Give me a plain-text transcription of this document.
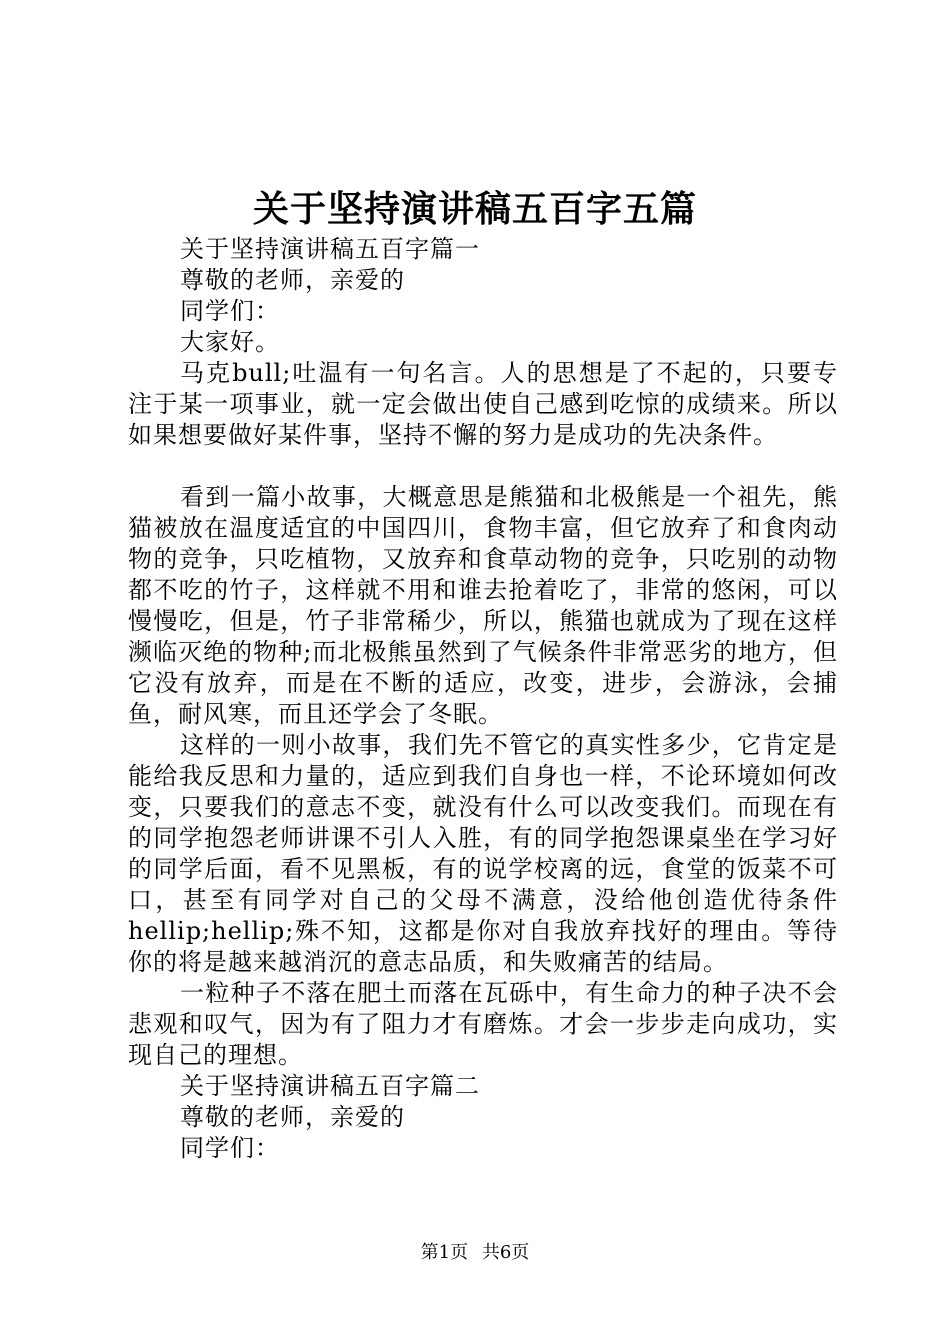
关于坚持演讲稿五百字五篇

关于坚持演讲稿五百字篇一

尊敬的老师，亲爱的

同学们：

大家好。

马克bull;吐温有一句名言。人的思想是了不起的，只要专注于某一项事业，就一定会做出使自己感到吃惊的成绩来。所以如果想要做好某件事，坚持不懈的努力是成功的先决条件。

看到一篇小故事，大概意思是熊猫和北极熊是一个祖先，熊猫被放在温度适宜的中国四川，食物丰富，但它放弃了和食肉动物的竞争，只吃植物，又放弃和食草动物的竞争，只吃别的动物都不吃的竹子，这样就不用和谁去抢着吃了，非常的悠闲，可以慢慢吃，但是，竹子非常稀少，所以，熊猫也就成为了现在这样濒临灭绝的物种;而北极熊虽然到了气候条件非常恶劣的地方，但它没有放弃，而是在不断的适应，改变，进步，会游泳，会捕鱼，耐风寒，而且还学会了冬眠。

这样的一则小故事，我们先不管它的真实性多少，它肯定是能给我反思和力量的，适应到我们自身也一样，不论环境如何改变，只要我们的意志不变，就没有什么可以改变我们。而现在有的同学抱怨老师讲课不引人入胜，有的同学抱怨课桌坐在学习好的同学后面，看不见黑板，有的说学校离的远，食堂的饭菜不可口，甚至有同学对自己的父母不满意，没给他创造优待条件hellip;hellip;殊不知，这都是你对自我放弃找好的理由。等待你的将是越来越消沉的意志品质，和失败痛苦的结局。

一粒种子不落在肥土而落在瓦砾中，有生命力的种子决不会悲观和叹气，因为有了阻力才有磨炼。才会一步步走向成功，实现自己的理想。

关于坚持演讲稿五百字篇二

尊敬的老师，亲爱的

同学们：

第1页 共6页
